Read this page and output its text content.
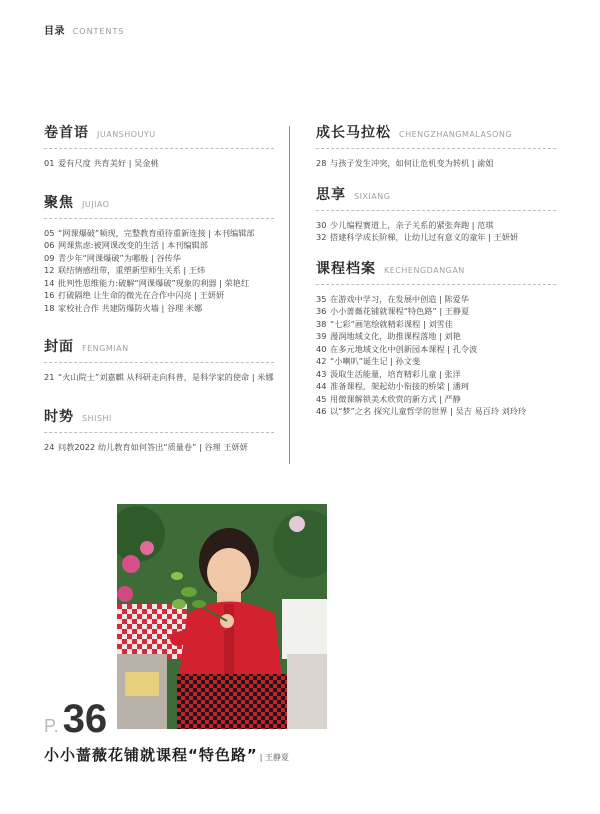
目录 CONTENTS
卷首语 JUANSHOUYU
01 爱有尺度 共育美好 | 吴金桃
聚焦 JUJIAO
05 “网课爆破”频现，完整教育亟待重新连接 | 本刊编辑部
06 网课焦虑:被网课改变的生活 | 本刊编辑部
09 青少年“网课爆破”为哪般 | 谷传华
12 联结情感纽带，重塑新型师生关系 | 王炜
14 批判性思维能力:破解“网课爆破”现象的利器 | 荣艳红
16 打破隔绝 让生命的微光在合作中闪亮 | 王妍妍
18 家校社合作 共建防爆防火墙 | 谷理 米娜
封面 FENGMIAN
21 “火山院士”刘嘉麒 从科研走向科普，是科学家的使命 | 米娜
时势 SHISHI
24 问教2022 幼儿教育如何答出“质量卷” | 谷理 王妍妍
成长马拉松 CHENGZHANGMALASONG
28 与孩子发生冲突，如何让危机变为转机 | 渝姐
思享 SIXIANG
30 少儿编程赛道上，亲子关系的紧张奔跑 | 范琪
32 搭建科学成长阶梯，让幼儿过有意义的童年 | 王妍妍
课程档案 KECHENGDANGAN
35 在游戏中学习，在发展中创造 | 陈爱华
36 小小蔷薇花铺就课程“特色路” | 王静夏
38 “七彩”画笔绘就精彩课程 | 刘雪佳
39 漫润地域文化，助推课程落地 | 刘艳
40 在多元地域文化中创新园本课程 | 孔令波
42 “小喇叭”诞生记 | 孙文斐
43 汲取生活能量，培育精彩儿童 | 张洋
44 准备课程，架起幼小衔接的桥梁 | 潘珂
45 用微课解锁美术欣赏的新方式 | 严静
46 以“梦”之名 探究儿童哲学的世界 | 吴吉 易百玲 刘玲玲
P. 36
小小蔷薇花铺就课程“特色路” | 王静夏
